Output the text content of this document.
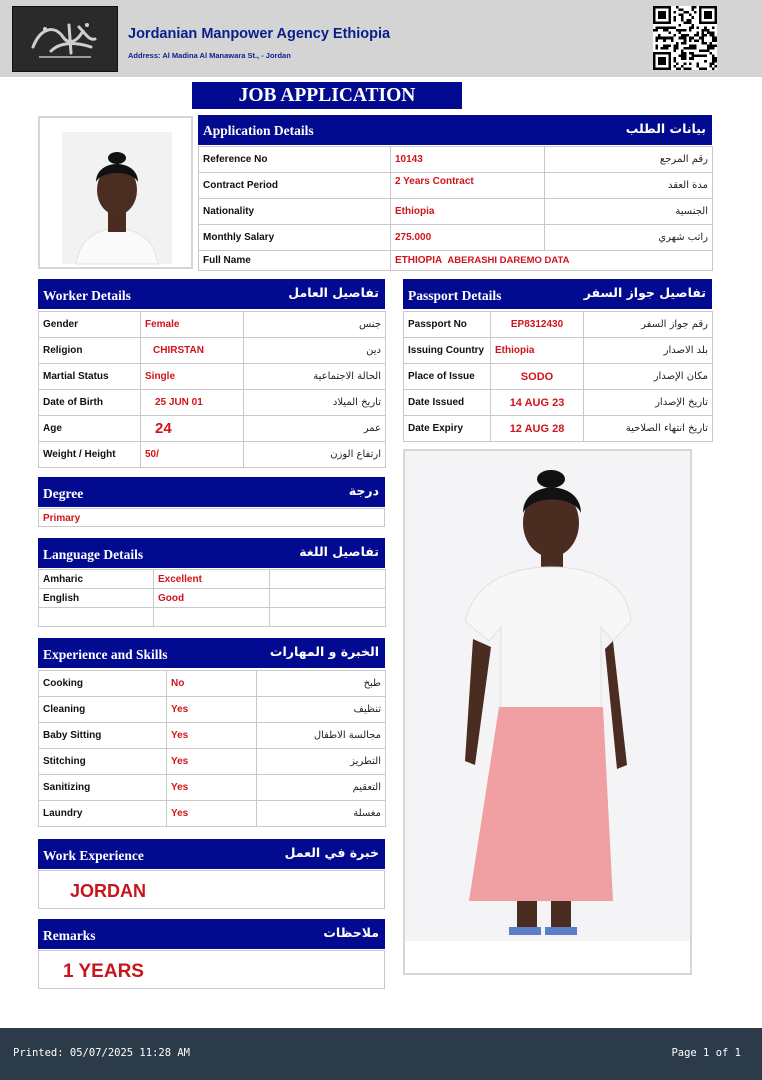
Jordanian Manpower Agency Ethiopia
Address: Al Madina Al Manawara St., - Jordan
JOB APPLICATION
Application Details	بيانات الطلب
Reference No	10143	رقم المرجع
Contract Period	2 Years Contract	مدة العقد
Nationality	Ethiopia	الجنسية
Monthly Salary	275.000	راتب شهري
Full Name	ETHIOPIA ABERASHI DAREMO DATA	
Worker Details	تفاصيل العامل
Gender	Female	جنس
Religion	CHIRSTAN	دين
Martial Status	Single	الحالة الاجتماعية
Date of Birth	25 JUN 01	تاريخ الميلاد
Age	24	عمر
Weight / Height	50/	ارتفاع الوزن
Passport Details	تفاصيل جواز السفر
Passport No	EP8312430	رقم جواز السفر
Issuing Country	Ethiopia	بلد الاصدار
Place of Issue	SODO	مكان الإصدار
Date Issued	14 AUG 23	تاريخ الإصدار
Date Expiry	12 AUG 28	تاريخ انتهاء الصلاحية
Degree	درجة
Primary
Language Details	تفاصيل اللغة
Amharic	Excellent	
English	Good	

Experience and Skills	الخبرة و المهارات
Cooking	No	طبخ
Cleaning	Yes	تنظيف
Baby Sitting	Yes	مجالسة الاطفال
Stitching	Yes	التطريز
Sanitizing	Yes	التعقيم
Laundry	Yes	مغسلة
Work Experience	خبرة في العمل
JORDAN
Remarks	ملاحظات
1 YEARS
Printed: 05/07/2025 11:28 AM	Page 1 of 1
